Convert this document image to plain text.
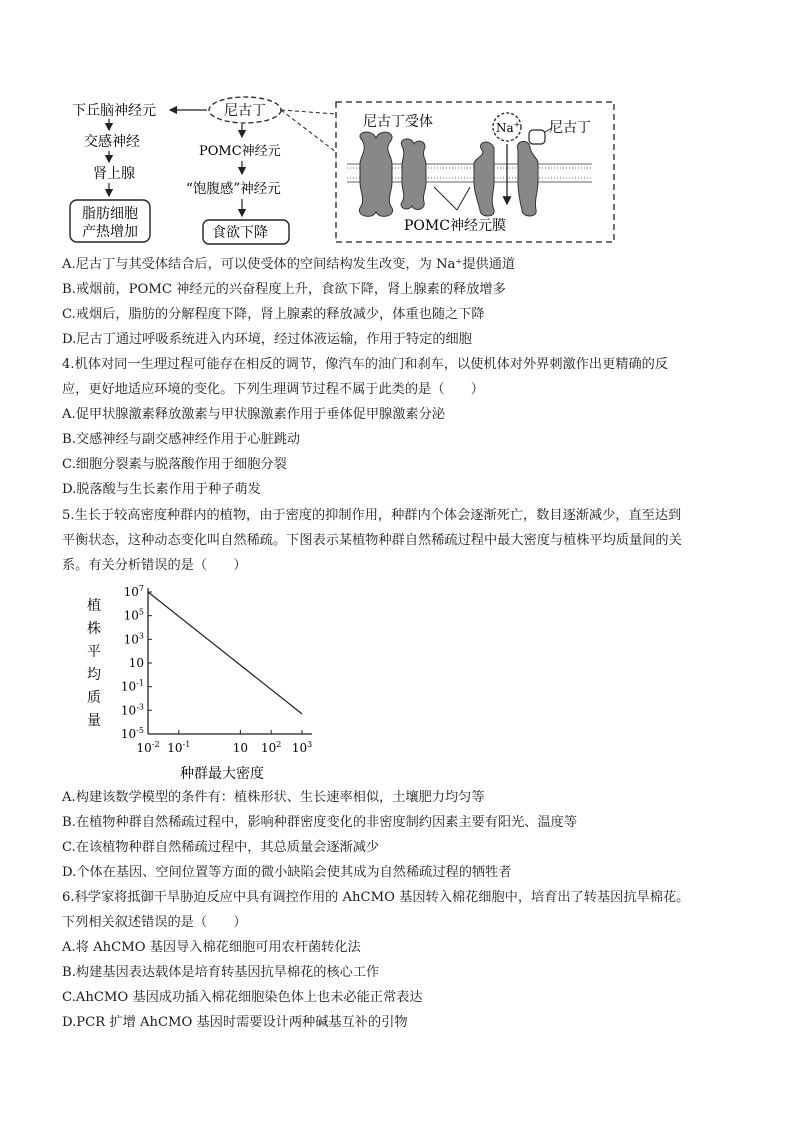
下丘脑神经元
交感神经
肾上腺
脂肪细胞
产热增加
尼古丁
POMC神经元
“饱腹感”神经元
食欲下降
尼古丁受体	尼古丁
Na+
POMC神经元膜
A.尼古丁与其受体结合后，可以使受体的空间结构发生改变，为 Na⁺提供通道
B.戒烟前，POMC 神经元的兴奋程度上升，食欲下降，肾上腺素的释放增多
C.戒烟后，脂肪的分解程度下降，肾上腺素的释放减少，体重也随之下降
D.尼古丁通过呼吸系统进入内环境，经过体液运输，作用于特定的细胞
4.机体对同一生理过程可能存在相反的调节，像汽车的油门和刹车，以使机体对外界刺激作出更精确的反
应，更好地适应环境的变化。下列生理调节过程不属于此类的是（　　）
A.促甲状腺激素释放激素与甲状腺激素作用于垂体促甲腺激素分泌
B.交感神经与副交感神经作用于心脏跳动
C.细胞分裂素与脱落酸作用于细胞分裂
D.脱落酸与生长素作用于种子萌发
5.生长于较高密度种群内的植物，由于密度的抑制作用，种群内个体会逐渐死亡，数目逐渐减少，直至达到
平衡状态，这种动态变化叫自然稀疏。下图表示某植物种群自然稀疏过程中最大密度与植株平均质量间的关
系。有关分析错误的是（　　）
$10^7$
$10^5$
$10^3$
10
$10^{-1}$
$10^{-3}$
$10^{-5}$
$10^{-2}$ $10^{-1}$	10 $10^2$ $10^3$
种群最大密度
植株平均质量
A.构建该数学模型的条件有：植株形状、生长速率相似，土壤肥力均匀等
B.在植物种群自然稀疏过程中，影响种群密度变化的非密度制约因素主要有阳光、温度等
C.在该植物种群自然稀疏过程中，其总质量会逐渐减少
D.个体在基因、空间位置等方面的微小缺陷会使其成为自然稀疏过程的牺牲者
6.科学家将抵御干旱胁迫反应中具有调控作用的 AhCMO 基因转入棉花细胞中，培育出了转基因抗旱棉花。
下列相关叙述错误的是（　　）
A.将 AhCMO 基因导入棉花细胞可用农杆菌转化法
B.构建基因表达载体是培育转基因抗旱棉花的核心工作
C.AhCMO 基因成功插入棉花细胞染色体上也未必能正常表达
D.PCR 扩增 AhCMO 基因时需要设计两种碱基互补的引物
